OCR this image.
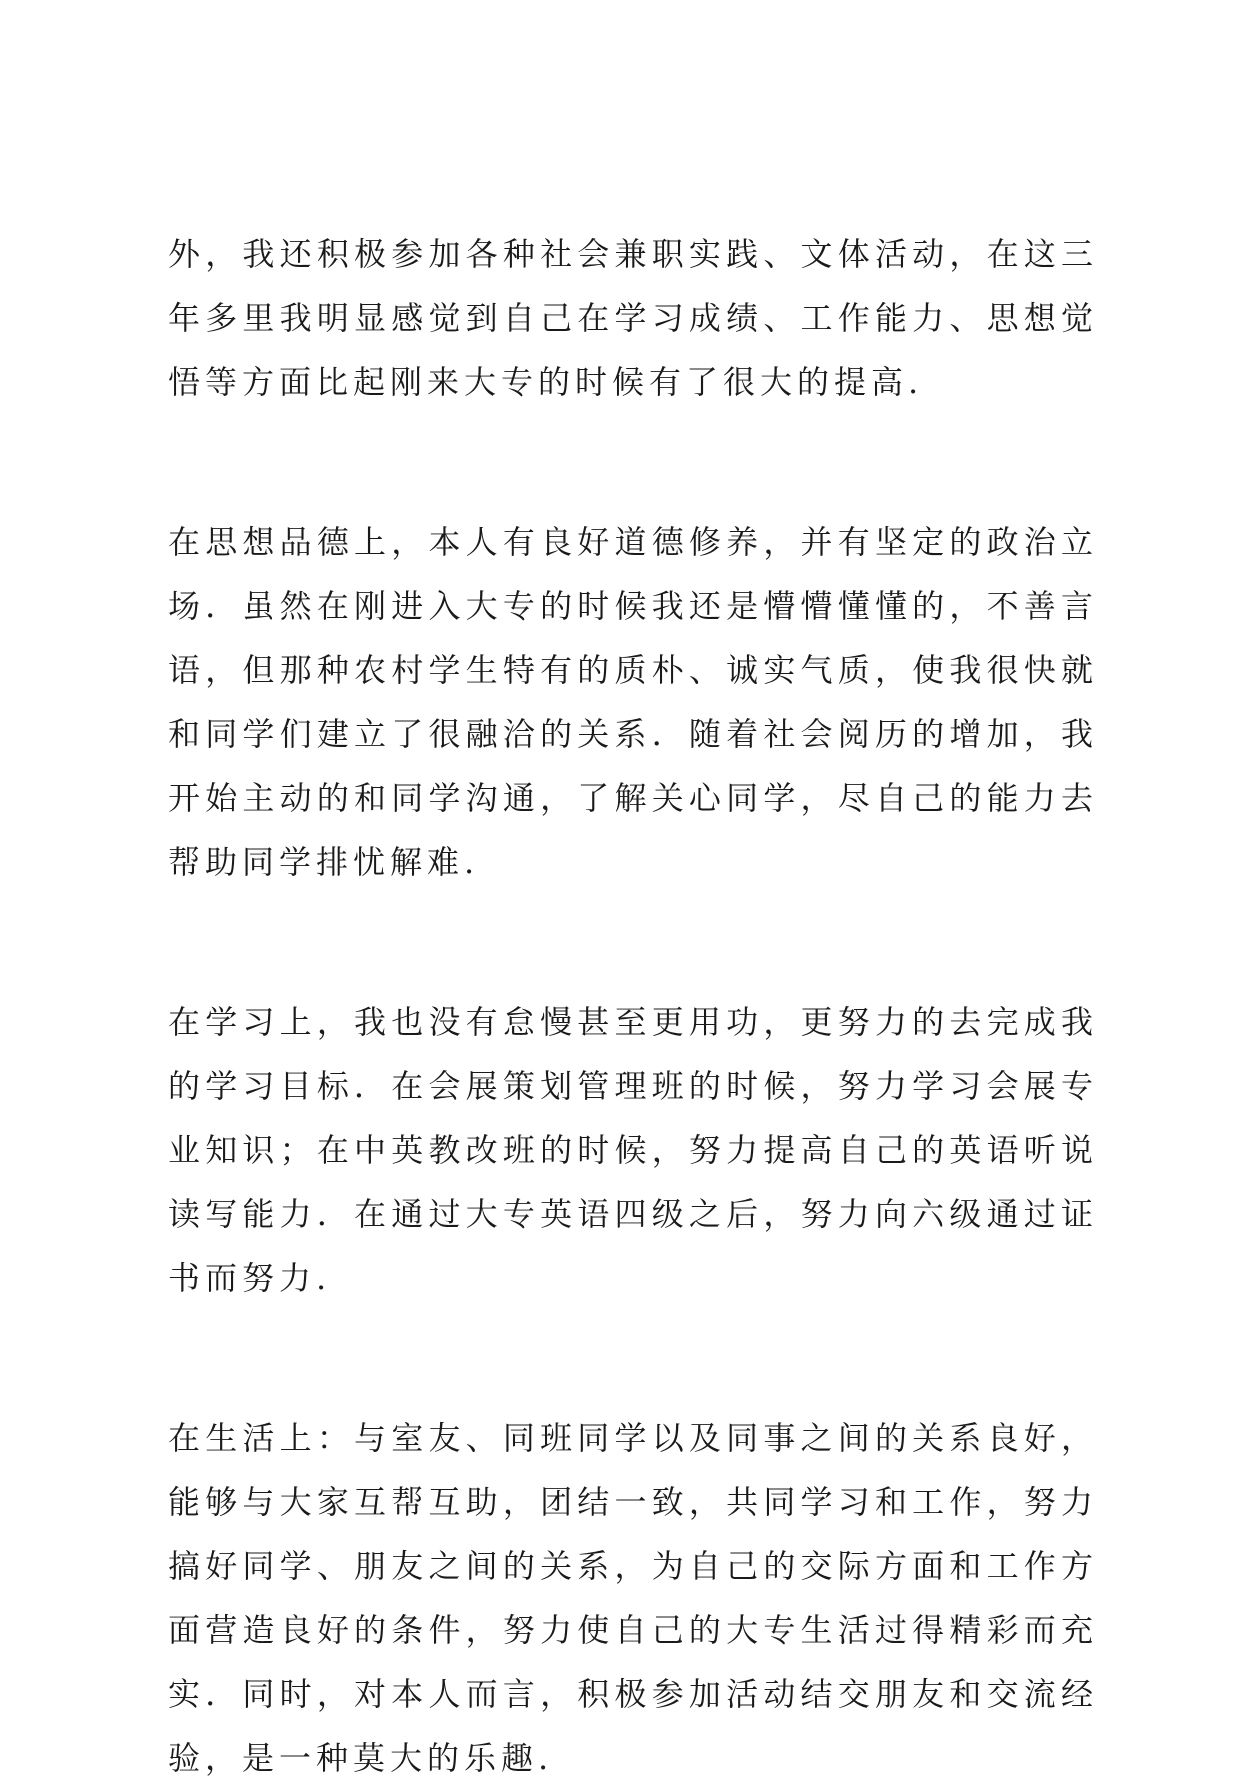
外，我还积极参加各种社会兼职实践、文体活动，在这三年多里我明显感觉到自己在学习成绩、工作能力、思想觉悟等方面比起刚来大专的时候有了很大的提高.

在思想品德上，本人有良好道德修养，并有坚定的政治立场．虽然在刚进入大专的时候我还是懵懵懂懂的，不善言语，但那种农村学生特有的质朴、诚实气质，使我很快就和同学们建立了很融洽的关系．随着社会阅历的增加，我开始主动的和同学沟通，了解关心同学，尽自己的能力去帮助同学排忧解难.

在学习上，我也没有怠慢甚至更用功，更努力的去完成我的学习目标．在会展策划管理班的时候，努力学习会展专业知识；在中英教改班的时候，努力提高自己的英语听说读写能力．在通过大专英语四级之后，努力向六级通过证书而努力.

在生活上：与室友、同班同学以及同事之间的关系良好，能够与大家互帮互助，团结一致，共同学习和工作，努力搞好同学、朋友之间的关系，为自己的交际方面和工作方面营造良好的条件，努力使自己的大专生活过得精彩而充实．同时，对本人而言，积极参加活动结交朋友和交流经验，是一种莫大的乐趣.
